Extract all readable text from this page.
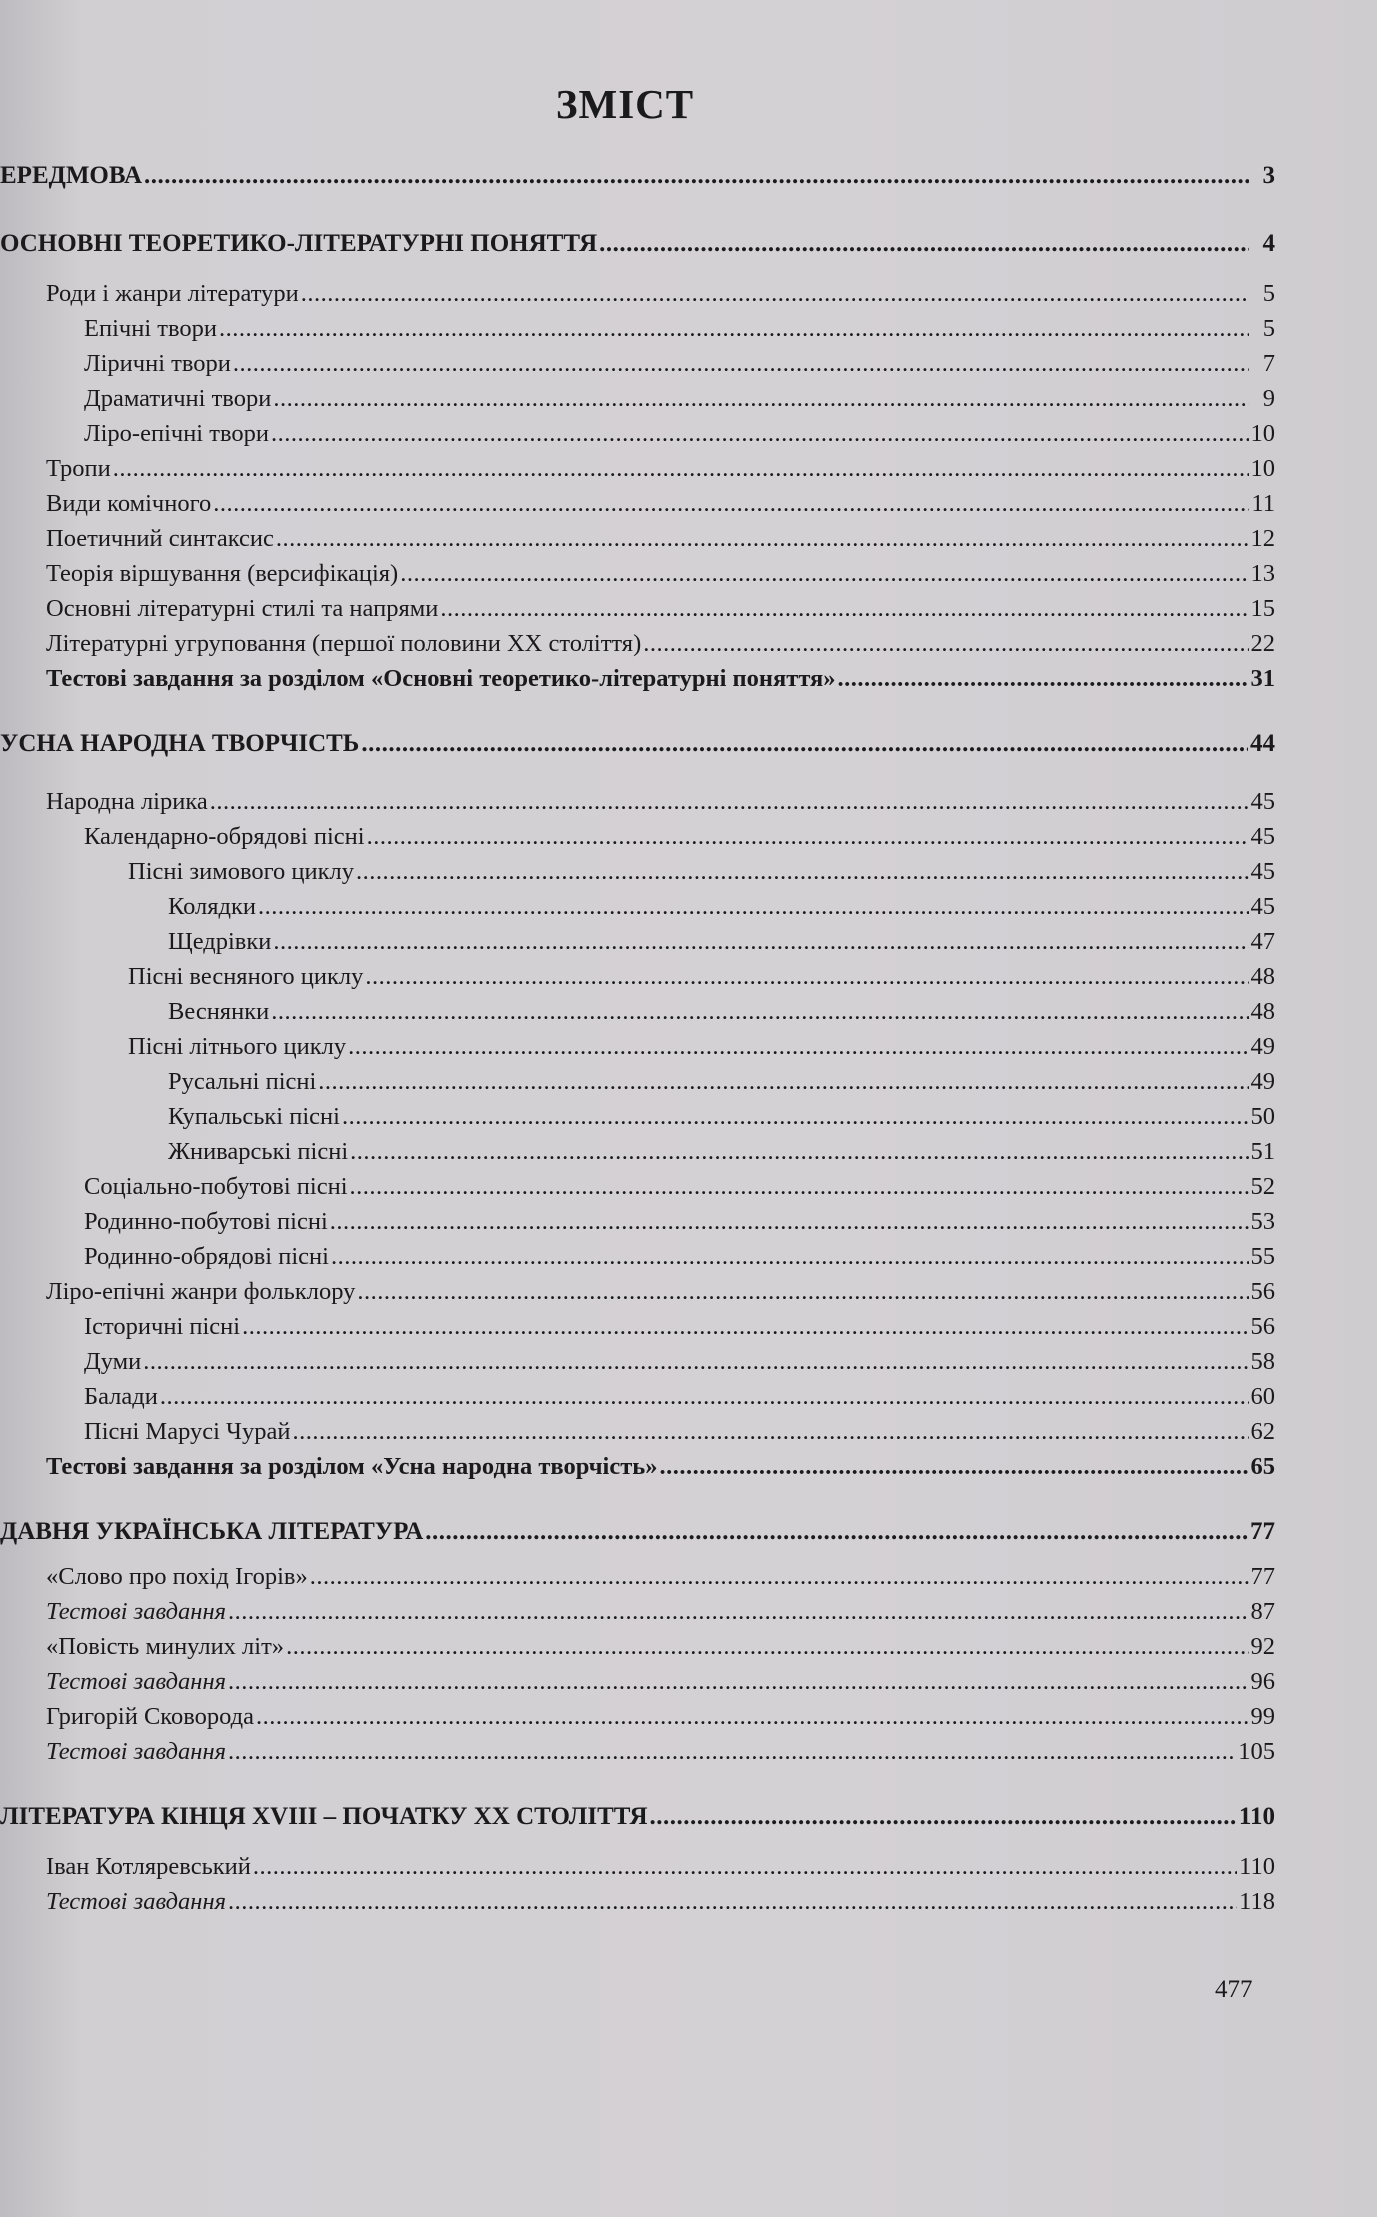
ЗМІСТ
ЕРЕДМОВА .....	3
ОСНОВНІ ТЕОРЕТИКО-ЛІТЕРАТУРНІ ПОНЯТТЯ .....	4
Роди і жанри літератури .....	5
Епічні твори .....	5
Ліричні твори .....	7
Драматичні твори .....	9
Ліро-епічні твори .....	10
Тропи .....	10
Види комічного .....	11
Поетичний синтаксис .....	12
Теорія віршування (версифікація) .....	13
Основні літературні стилі та напрями .....	15
Літературні угруповання (першої половини XX століття) .....	22
Тестові завдання за розділом «Основні теоретико-літературні поняття» .....	31
УСНА НАРОДНА ТВОРЧІСТЬ .....	44
Народна лірика .....	45
Календарно-обрядові пісні .....	45
Пісні зимового циклу .....	45
Колядки .....	45
Щедрівки .....	47
Пісні весняного циклу .....	48
Веснянки .....	48
Пісні літнього циклу .....	49
Русальні пісні .....	49
Купальські пісні .....	50
Жниварські пісні .....	51
Соціально-побутові пісні .....	52
Родинно-побутові пісні .....	53
Родинно-обрядові пісні .....	55
Ліро-епічні жанри фольклору .....	56
Історичні пісні .....	56
Думи .....	58
Балади .....	60
Пісні Марусі Чурай .....	62
Тестові завдання за розділом «Усна народна творчість» .....	65
ДАВНЯ УКРАЇНСЬКА ЛІТЕРАТУРА .....	77
«Слово про похід Ігорів» .....	77
Тестові завдання .....	87
«Повість минулих літ» .....	92
Тестові завдання .....	96
Григорій Сковорода .....	99
Тестові завдання .....	105
ЛІТЕРАТУРА КІНЦЯ XVIII – ПОЧАТКУ XX СТОЛІТТЯ .....	110
Іван Котляревський .....	110
Тестові завдання .....	118
477
